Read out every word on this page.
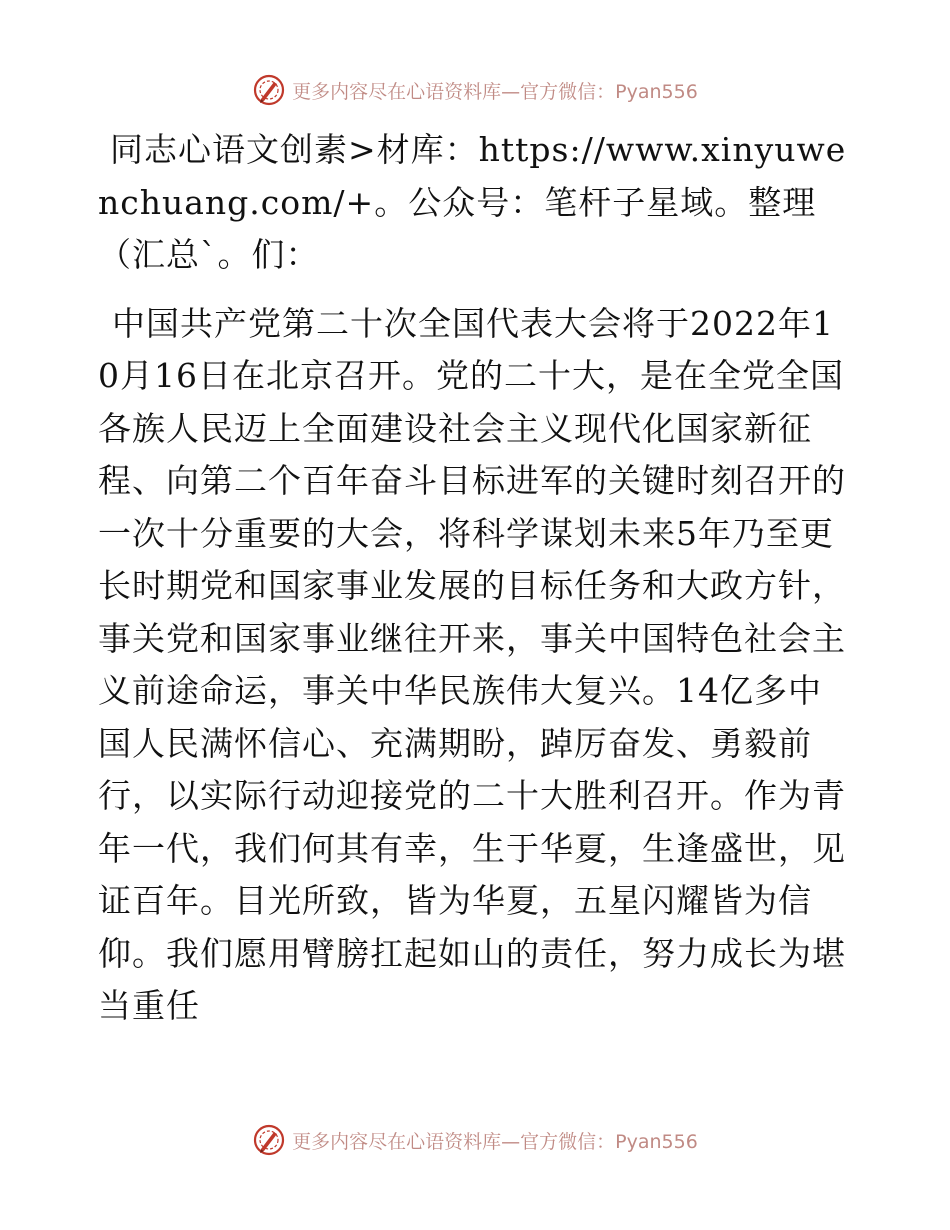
更多内容尽在心语资料库—官方微信：Pyan556

同志心语文创素>材库：https://www.xinyuwenchuang.com/+。公众号：笔杆子星域。整理（汇总`。们：

中国共产党第二十次全国代表大会将于2022年10月16日在北京召开。党的二十大，是在全党全国各族人民迈上全面建设社会主义现代化国家新征程、向第二个百年奋斗目标进军的关键时刻召开的一次十分重要的大会，将科学谋划未来5年乃至更长时期党和国家事业发展的目标任务和大政方针，事关党和国家事业继往开来，事关中国特色社会主义前途命运，事关中华民族伟大复兴。14亿多中国人民满怀信心、充满期盼，踔厉奋发、勇毅前行，以实际行动迎接党的二十大胜利召开。作为青年一代，我们何其有幸，生于华夏，生逢盛世，见证百年。目光所致，皆为华夏，五星闪耀皆为信仰。我们愿用臂膀扛起如山的责任，努力成长为堪当重任

更多内容尽在心语资料库—官方微信：Pyan556
